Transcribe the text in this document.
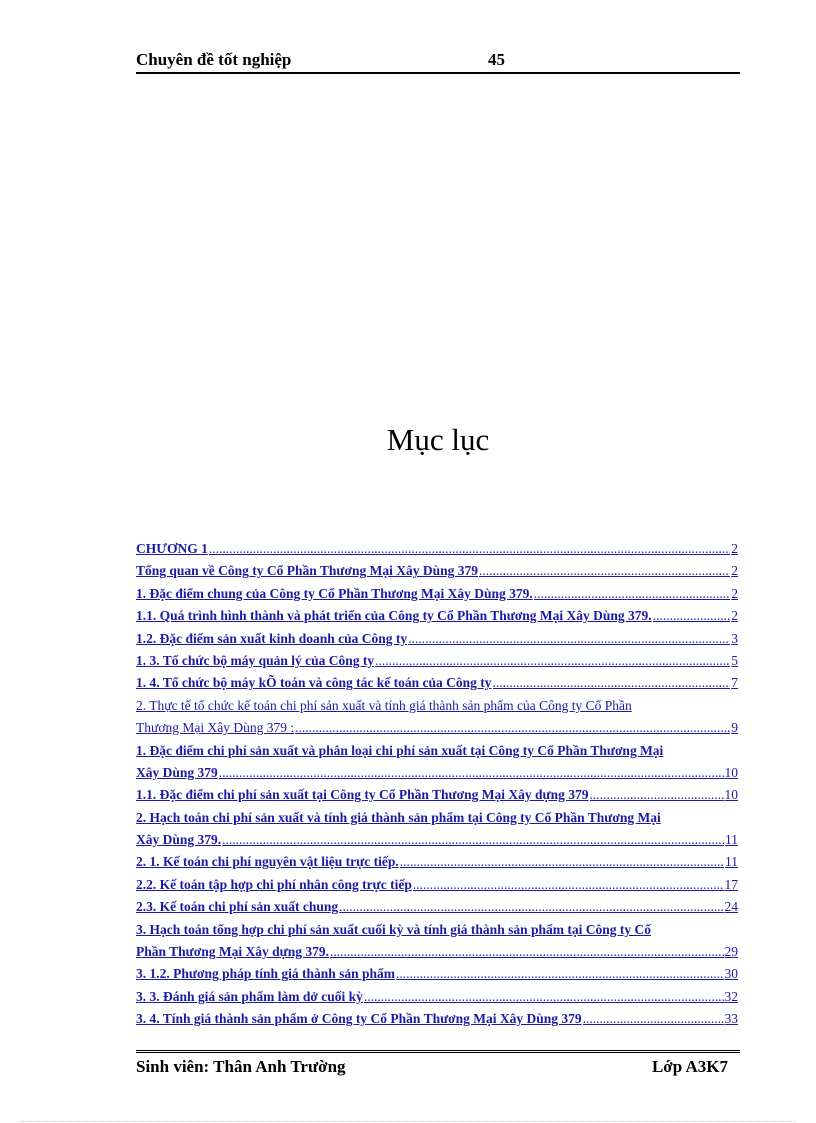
Chuyên đề tốt nghiệp	45
Mục lục
CHƯƠNG 1 .....	2
Tổng quan về Công ty Cổ Phần Thương Mại Xây Dùng 379 .....	2
1. Đặc điểm chung của Công ty Cổ Phần Thương Mại Xây Dùng 379. .....	2
1.1. Quá trình hình thành và phát triển của Công ty Cổ Phần Thương Mại Xây Dùng 379. .....	2
1.2. Đặc điểm sản xuất kinh doanh của Công ty .....	3
1. 3. Tổ chức bộ máy quản lý của Công ty .....	5
1. 4. Tổ chức bộ máy kÕ toán và công tác kế toán của Công ty .....	7
2. Thực tế tổ chức kế toán chi phí sản xuất và tính giá thành sản phẩm của Công ty Cổ Phần
Thương Mại Xây Dùng 379 : .....	9
1. Đặc điểm chi phí sản xuất và phân loại chi phí sản xuất tại Công ty Cổ Phần Thương Mại
Xây Dùng 379 .....	10
1.1. Đặc điểm chi phí sản xuất tại Công ty Cổ Phần Thương Mại Xây dựng 379 .....	10
2. Hạch toán chi phí sản xuất và tính giá thành sản phẩm tại Công ty Cổ Phần Thương Mại
Xây Dùng 379. .....	11
2. 1. Kế toán chi phí nguyên vật liệu trực tiếp. .....	11
2.2. Kế toán tập hợp chi phí nhân công trực tiếp .....	17
2.3. Kế toán chi phí sản xuất chung .....	24
3. Hạch toán tổng hợp chi phí sản xuất cuối kỳ và tính giá thành sản phẩm tại Công ty Cổ
Phần Thương Mại Xây dựng 379. .....	29
3. 1.2. Phương pháp tính giá thành sản phẩm .....	30
3. 3. Đánh giá sản phẩm làm dở cuối kỳ .....	32
3. 4. Tính giá thành sản phẩm ở Công ty Cổ Phần Thương Mại Xây Dùng 379 .....	33
Sinh viên: Thân Anh Trường	Lớp A3K7
